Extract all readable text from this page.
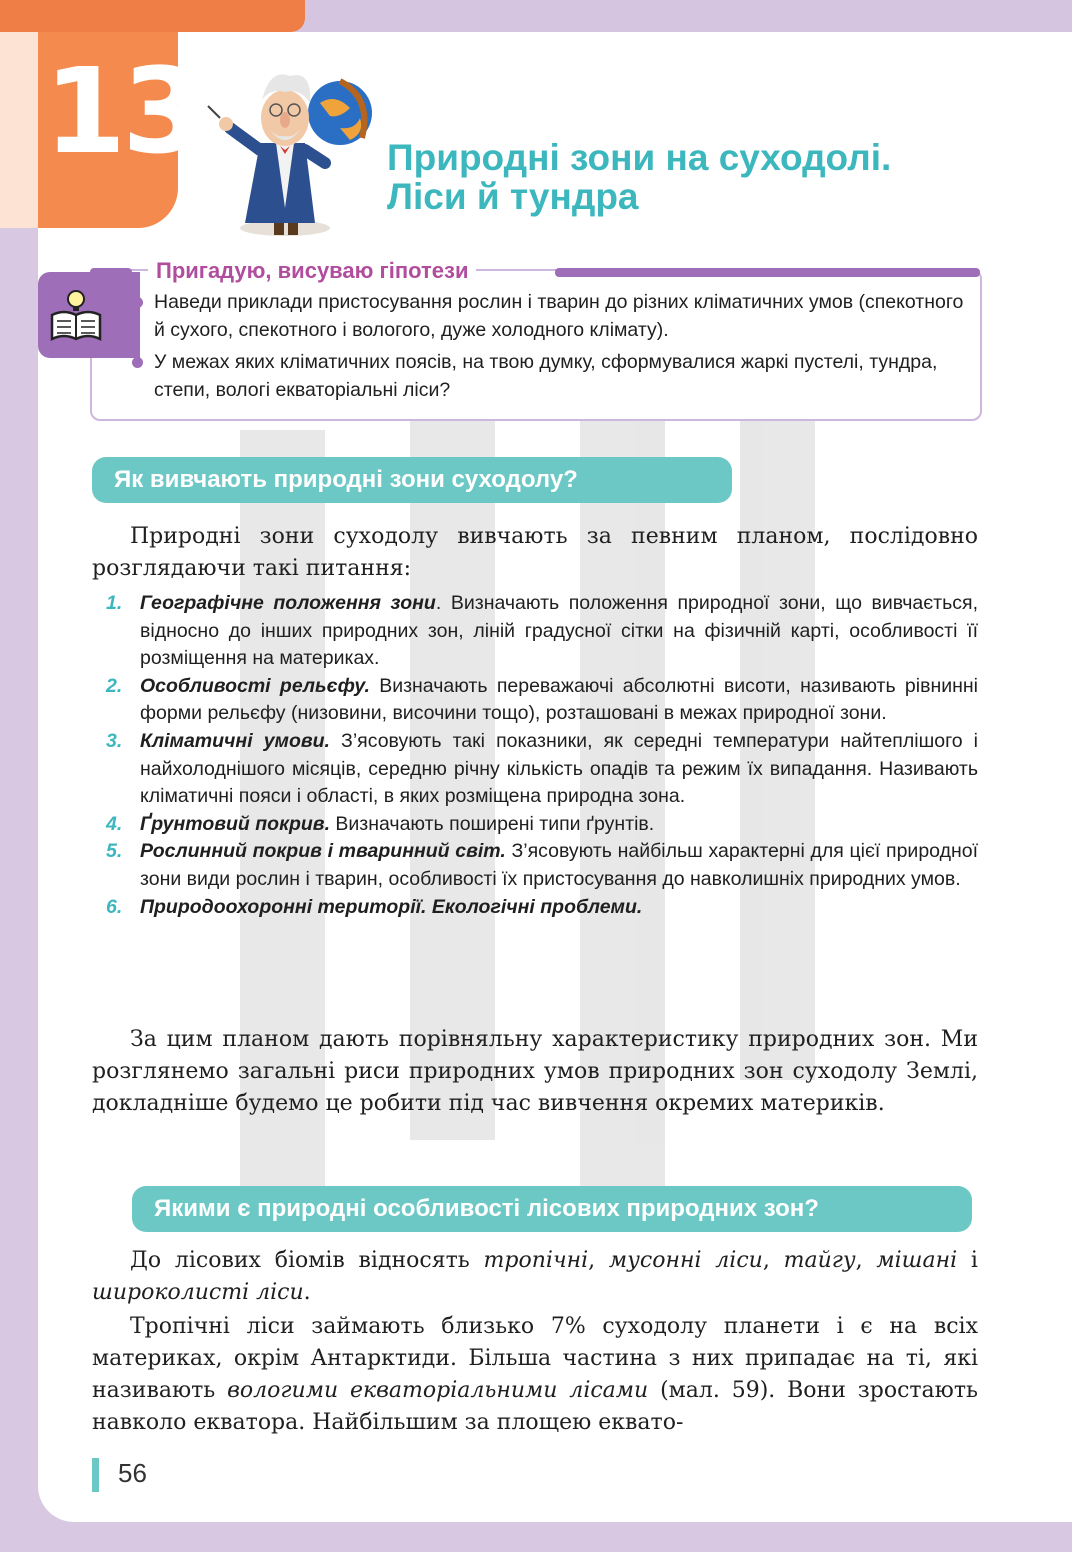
13	Природні зони на суходолі.
Ліси й тундра
Пригадую, висуваю гіпотези
Наведи приклади пристосування рослин і тварин до різних кліматичних умов (спекотного й сухого, спекотного і вологого, дуже холодного клімату).
У межах яких кліматичних поясів, на твою думку, сформувалися жаркі пустелі, тундра, степи, вологі екваторіальні ліси?
Як вивчають природні зони суходолу?
Природні зони суходолу вивчають за певним планом, послідовно розглядаючи такі питання:
1. Географічне положення зони. Визначають положення природної зони, що вивчається, відносно до інших природних зон, ліній градусної сітки на фізичній карті, особливості її розміщення на материках.
2. Особливості рельєфу. Визначають переважаючі абсолютні висоти, називають рівнинні форми рельєфу (низовини, височини тощо), розташовані в межах природної зони.
3. Кліматичні умови. З’ясовують такі показники, як середні температури найтеплішого і найхолоднішого місяців, середню річну кількість опадів та режим їх випадання. Називають кліматичні пояси і області, в яких розміщена природна зона.
4. Ґрунтовий покрив. Визначають поширені типи ґрунтів.
5. Рослинний покрив і тваринний світ. З’ясовують найбільш характерні для цієї природної зони види рослин і тварин, особливості їх пристосування до навколишніх природних умов.
6. Природоохоронні території. Екологічні проблеми.
За цим планом дають порівняльну характеристику природних зон. Ми розглянемо загальні риси природних умов природних зон суходолу Землі, докладніше будемо це робити під час вивчення окремих материків.
Якими є природні особливості лісових природних зон?
До лісових біомів відносять тропічні, мусонні ліси, тайгу, мішані і широколисті ліси.
Тропічні ліси займають близько 7% суходолу планети і є на всіх материках, окрім Антарктиди. Більша частина з них припадає на ті, які називають вологими екваторіальними лісами (мал. 59). Вони зростають навколо екватора. Найбільшим за площею еквато-
56
